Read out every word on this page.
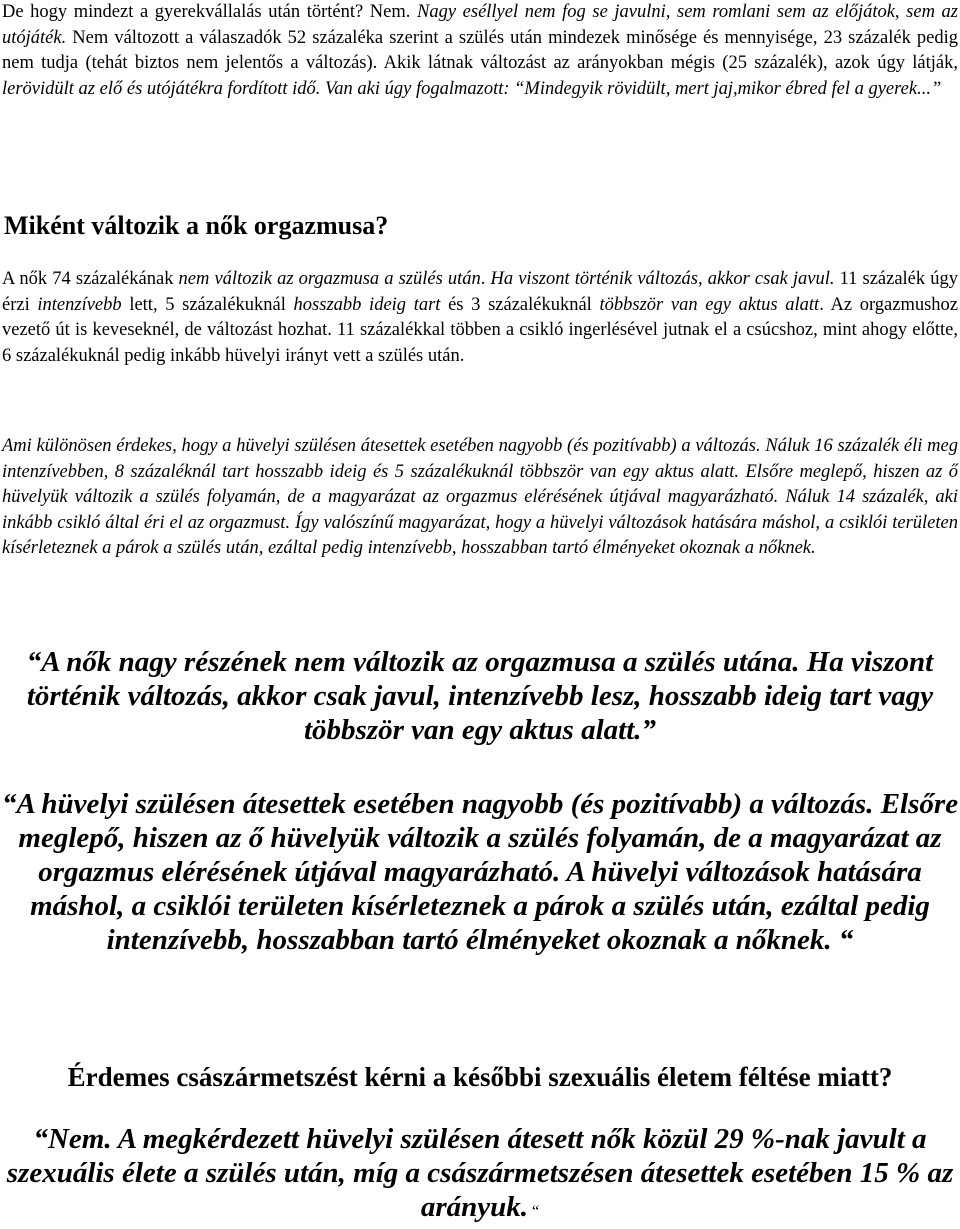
De hogy mindezt a gyerekvállalás után történt? Nem. Nagy eséllyel nem fog se javulni, sem romlani sem az előjátok, sem az utójáték. Nem változott a válaszadók 52 százaléka szerint a szülés után mindezek minősége és mennyisége, 23 százalék pedig nem tudja (tehát biztos nem jelentős a változás). Akik látnak változást az arányokban mégis (25 százalék), azok úgy látják, lerövidült az elő és utójátékra fordított idő. Van aki úgy fogalmazott: “Mindegyik rövidült, mert jaj,mikor ébred fel a gyerek...”
Miként változik a nők orgazmusa?
A nők 74 százalékának nem változik az orgazmusa a szülés után. Ha viszont történik változás, akkor csak javul. 11 százalék úgy érzi intenzívebb lett, 5 százalékuknál hosszabb ideig tart és 3 százalékuknál többször van egy aktus alatt. Az orgazmushoz vezető út is keveseknél, de változást hozhat. 11 százalékkal többen a csikló ingerlésével jutnak el a csúcshoz, mint ahogy előtte, 6 százalékuknál pedig inkább hüvelyi irányt vett a szülés után.
Ami különösen érdekes, hogy a hüvelyi szülésen átesettek esetében nagyobb (és pozitívabb) a változás. Náluk 16 százalék éli meg intenzívebben, 8 százaléknál tart hosszabb ideig és 5 százalékuknál többször van egy aktus alatt. Elsőre meglepő, hiszen az ő hüvelyük változik a szülés folyamán, de a magyarázat az orgazmus elérésének útjával magyarázható. Náluk 14 százalék, aki inkább csikló által éri el az orgazmust. Így valószínű magyarázat, hogy a hüvelyi változások hatására máshol, a csiklói területen kísérleteznek a párok a szülés után, ezáltal pedig intenzívebb, hosszabban tartó élményeket okoznak a nőknek.
“A nők nagy részének nem változik az orgazmusa a szülés utána. Ha viszont történik változás, akkor csak javul, intenzívebb lesz, hosszabb ideig tart vagy többször van egy aktus alatt.”
“A hüvelyi szülésen átesettek esetében nagyobb (és pozitívabb) a változás. Elsőre meglepő, hiszen az ő hüvelyük változik a szülés folyamán, de a magyarázat az orgazmus elérésének útjával magyarázható. A hüvelyi változások hatására máshol, a csiklói területen kísérleteznek a párok a szülés után, ezáltal pedig intenzívebb, hosszabban tartó élményeket okoznak a nőknek. “
Érdemes császármetszést kérni a későbbi szexuális életem féltése miatt?
“Nem. A megkérdezett hüvelyi szülésen átesett nők közül 29 %-nak javult a szexuális élete a szülés után, míg a császármetszésen átesettek esetében 15 % az arányuk. “
